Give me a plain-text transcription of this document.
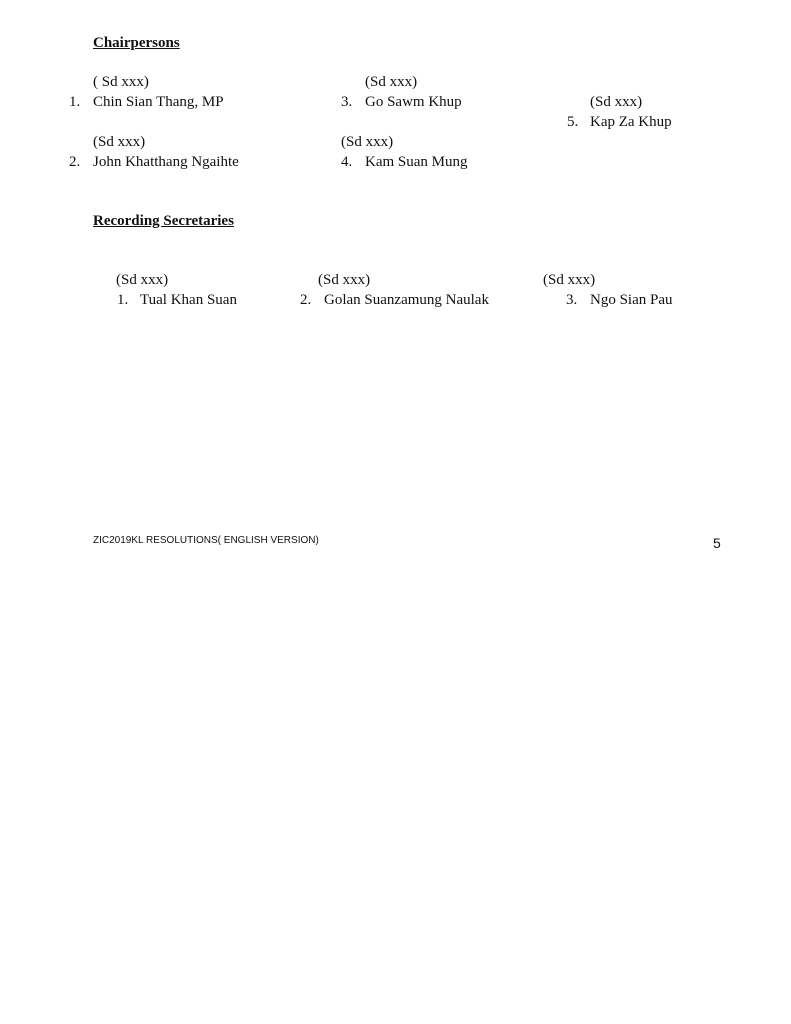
Chairpersons
( Sd xxx)
1. Chin Sian Thang, MP
(Sd xxx)
2. John Khatthang Ngaihte
(Sd xxx)
3. Go Sawm Khup
(Sd xxx)
4. Kam Suan Mung
(Sd xxx)
5. Kap Za Khup
Recording Secretaries
(Sd xxx)
1. Tual Khan Suan
(Sd xxx)
2. Golan Suanzamung Naulak
(Sd xxx)
3. Ngo Sian Pau
ZIC2019KL RESOLUTIONS( ENGLISH VERSION)	5
